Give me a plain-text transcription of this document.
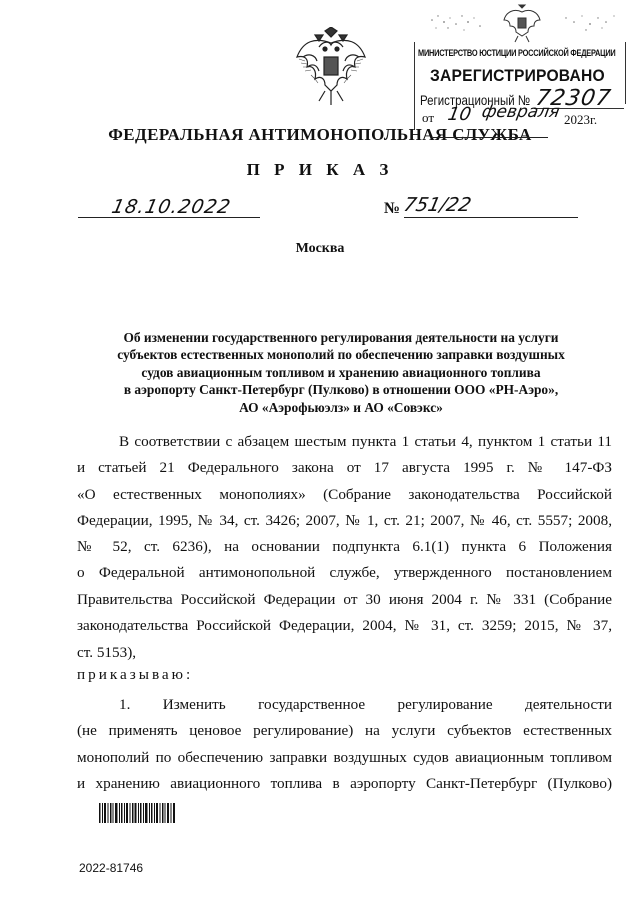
МИНИСТЕРСТВО ЮСТИЦИИ РОССИЙСКОЙ ФЕДЕРАЦИИ
ЗАРЕГИСТРИРОВАНО
Регистрационный № 72307
от 10 февраля 2023г.
ФЕДЕРАЛЬНАЯ АНТИМОНОПОЛЬНАЯ СЛУЖБА
П Р И К А З
18.10.2022	№ 751/22
Москва
Об изменении государственного регулирования деятельности на услуги
субъектов естественных монополий по обеспечению заправки воздушных
судов авиационным топливом и хранению авиационного топлива
в аэропорту Санкт-Петербург (Пулково) в отношении ООО «РН-Аэро»,
АО «Аэрофьюэлз» и АО «Совэкс»
В соответствии с абзацем шестым пункта 1 статьи 4, пунктом 1 статьи 11
и статьей 21 Федерального закона от 17 августа 1995 г. № 147-ФЗ
«О естественных монополиях» (Собрание законодательства Российской
Федерации, 1995, № 34, ст. 3426; 2007, № 1, ст. 21; 2007, № 46, ст. 5557; 2008,
№ 52, ст. 6236), на основании подпункта 6.1(1) пункта 6 Положения
о Федеральной антимонопольной службе, утвержденного постановлением
Правительства Российской Федерации от 30 июня 2004 г. № 331 (Собрание
законодательства Российской Федерации, 2004, № 31, ст. 3259; 2015, № 37,
ст. 5153),
приказываю:
1. Изменить государственное регулирование деятельности
(не применять ценовое регулирование) на услуги субъектов естественных
монополий по обеспечению заправки воздушных судов авиационным топливом
и хранению авиационного топлива в аэропорту Санкт-Петербург (Пулково)
2022-81746
